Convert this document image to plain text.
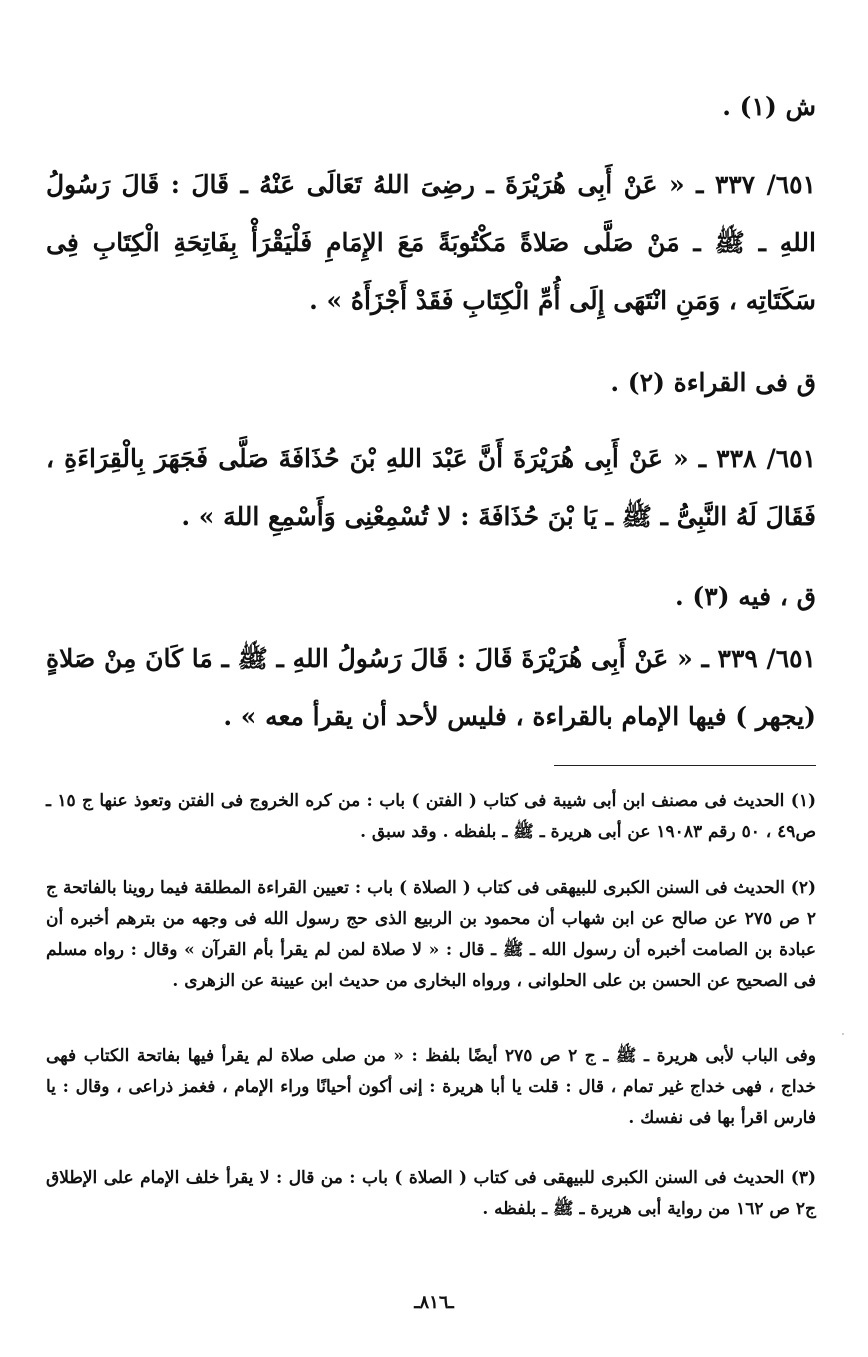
ش (١) .

٦٥١/ ٣٣٧ ـ « عَنْ أَبِى هُرَيْرَةَ ـ رضِىَ اللهُ تَعَالَى عَنْهُ ـ قَالَ : قَالَ رَسُولُ اللهِ ـ ﷺ ـ مَنْ صَلَّى صَلاةً مَكْتُوبَةً مَعَ الإِمَامِ فَلْيَقْرَأْ بِفَاتِحَةِ الْكِتَابِ فِى سَكَتَاتِه ، وَمَنِ انْتَهَى إِلَى أُمِّ الْكِتَابِ فَقَدْ أَجْزَأَهُ » .

ق فى القراءة (٢) .

٦٥١/ ٣٣٨ ـ « عَنْ أَبِى هُرَيْرَةَ أَنَّ عَبْدَ اللهِ بْنَ حُذَافَةَ صَلَّى فَجَهَرَ بِالْقِرَاءَةِ ، فَقَالَ لَهُ النَّبِىُّ ـ ﷺ ـ يَا بْنَ حُذَافَةَ : لا تُسْمِعْنِى وَأَسْمِعِ اللهَ » .

ق ، فيه (٣) .

٦٥١/ ٣٣٩ ـ « عَنْ أَبِى هُرَيْرَةَ قَالَ : قَالَ رَسُولُ اللهِ ـ ﷺ ـ مَا كَانَ مِنْ صَلاةٍ (يجهر ) فيها الإمام بالقراءة ، فليس لأحد أن يقرأ معه » .

(١) الحديث فى مصنف ابن أبى شيبة فى كتاب ( الفتن ) باب : من كره الخروج فى الفتن وتعوذ عنها ج ١٥ ـ ص٤٩ ، ٥٠ رقم ١٩٠٨٣ عن أبى هريرة ـ ﷺ ـ بلفظه . وقد سبق .

(٢) الحديث فى السنن الكبرى للبيهقى فى كتاب ( الصلاة ) باب : تعيين القراءة المطلقة فيما روينا بالفاتحة ج ٢ ص ٢٧٥ عن صالح عن ابن شهاب أن محمود بن الربيع الذى حج رسول الله فى وجهه من بترهم أخبره أن عبادة بن الصامت أخبره أن رسول الله ـ ﷺ ـ قال : « لا صلاة لمن لم يقرأ بأم القرآن » وقال : رواه مسلم فى الصحيح عن الحسن بن على الحلوانى ، ورواه البخارى من حديث ابن عيينة عن الزهرى .

وفى الباب لأبى هريرة ـ ﷺ ـ ج ٢ ص ٢٧٥ أيضًا بلفظ : « من صلى صلاة لم يقرأ فيها بفاتحة الكتاب فهى خداج ، فهى خداج غير تمام ، قال : قلت يا أبا هريرة : إنى أكون أحيانًا وراء الإمام ، فغمز ذراعى ، وقال : يا فارس اقرأ بها فى نفسك .

(٣) الحديث فى السنن الكبرى للبيهقى فى كتاب ( الصلاة ) باب : من قال : لا يقرأ خلف الإمام على الإطلاق ج٢ ص ١٦٢ من رواية أبى هريرة ـ ﷺ ـ بلفظه .

ـ٨١٦ـ
